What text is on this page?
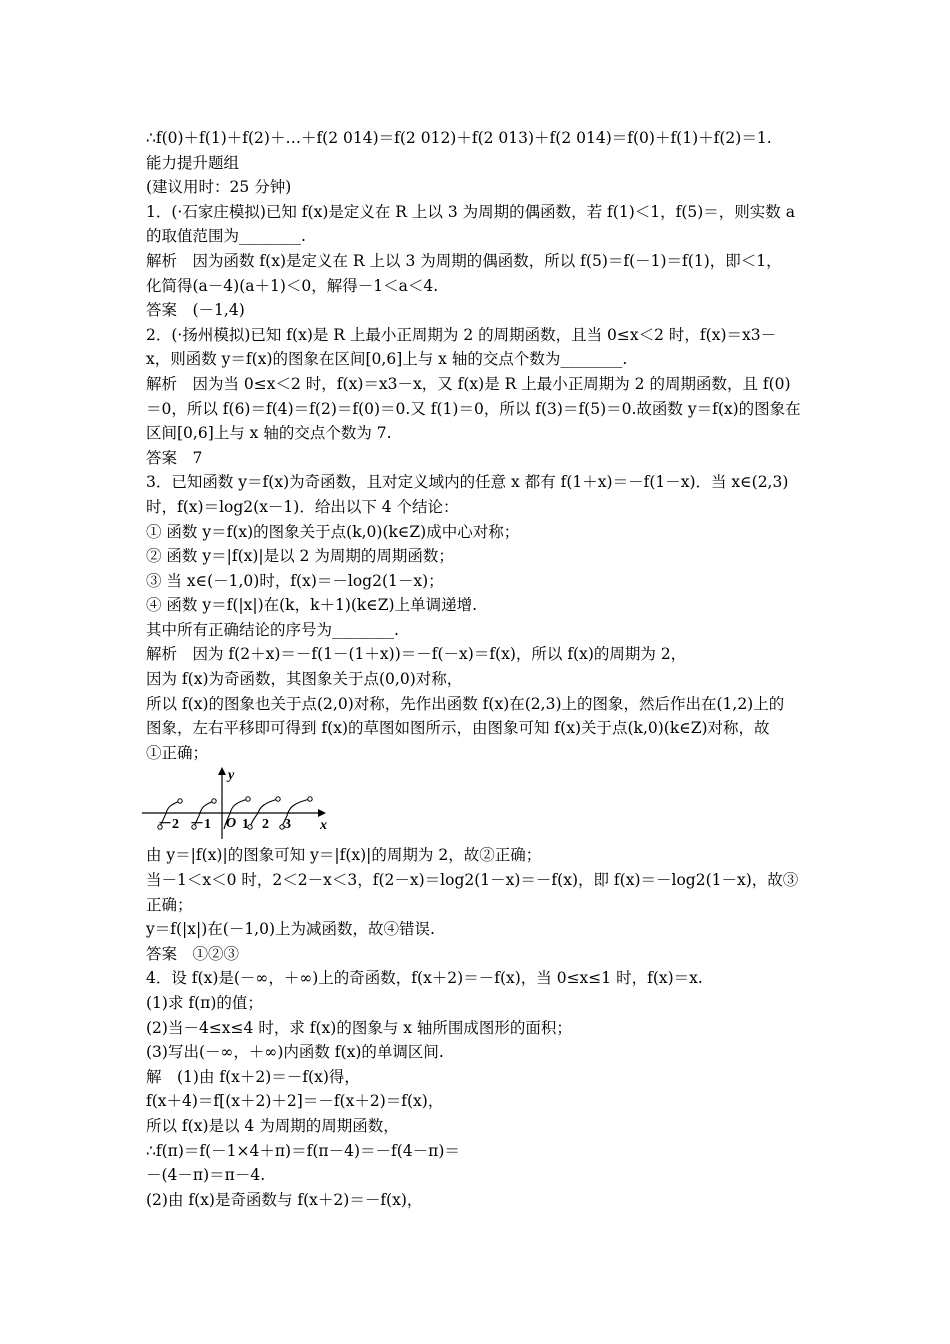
∴f(0)＋f(1)＋f(2)＋…＋f(2 014)＝f(2 012)＋f(2 013)＋f(2 014)＝f(0)＋f(1)＋f(2)＝1.
能力提升题组
(建议用时：25 分钟)
1．(·石家庄模拟)已知 f(x)是定义在 R 上以 3 为周期的偶函数，若 f(1)＜1，f(5)＝，则实数 a
的取值范围为________.
解析　因为函数 f(x)是定义在 R 上以 3 为周期的偶函数，所以 f(5)＝f(－1)＝f(1)，即＜1，
化简得(a－4)(a＋1)＜0，解得－1＜a＜4.
答案　(－1,4)
2．(·扬州模拟)已知 f(x)是 R 上最小正周期为 2 的周期函数，且当 0≤x＜2 时，f(x)＝x3－
x，则函数 y＝f(x)的图象在区间[0,6]上与 x 轴的交点个数为________.
解析　因为当 0≤x＜2 时，f(x)＝x3－x，又 f(x)是 R 上最小正周期为 2 的周期函数，且 f(0)
＝0，所以 f(6)＝f(4)＝f(2)＝f(0)＝0.又 f(1)＝0，所以 f(3)＝f(5)＝0.故函数 y＝f(x)的图象在
区间[0,6]上与 x 轴的交点个数为 7.
答案　7
3．已知函数 y＝f(x)为奇函数，且对定义域内的任意 x 都有 f(1＋x)＝－f(1－x)．当 x∈(2,3)
时，f(x)＝log2(x－1)．给出以下 4 个结论：
① 函数 y＝f(x)的图象关于点(k,0)(k∈Z)成中心对称；
② 函数 y＝|f(x)|是以 2 为周期的周期函数；
③ 当 x∈(－1,0)时，f(x)＝－log2(1－x)；
④ 函数 y＝f(|x|)在(k，k＋1)(k∈Z)上单调递增.
其中所有正确结论的序号为________.
解析　因为 f(2＋x)＝－f(1－(1＋x))＝－f(－x)＝f(x)，所以 f(x)的周期为 2，
因为 f(x)为奇函数，其图象关于点(0,0)对称，
所以 f(x)的图象也关于点(2,0)对称，先作出函数 f(x)在(2,3)上的图象，然后作出在(1,2)上的
图象，左右平移即可得到 f(x)的草图如图所示，由图象可知 f(x)关于点(k,0)(k∈Z)对称，故
①正确；
y
x
O
－2 －1 1 2 3
由 y＝|f(x)|的图象可知 y＝|f(x)|的周期为 2，故②正确；
当－1＜x＜0 时，2＜2－x＜3，f(2－x)＝log2(1－x)＝－f(x)，即 f(x)＝－log2(1－x)，故③
正确；
y＝f(|x|)在(－1,0)上为减函数，故④错误.
答案　①②③
4．设 f(x)是(－∞，＋∞)上的奇函数，f(x＋2)＝－f(x)，当 0≤x≤1 时，f(x)＝x.
(1)求 f(π)的值；
(2)当－4≤x≤4 时，求 f(x)的图象与 x 轴所围成图形的面积；
(3)写出(－∞，＋∞)内函数 f(x)的单调区间.
解　(1)由 f(x＋2)＝－f(x)得，
f(x＋4)＝f[(x＋2)＋2]＝－f(x＋2)＝f(x)，
所以 f(x)是以 4 为周期的周期函数，
∴f(π)＝f(－1×4＋π)＝f(π－4)＝－f(4－π)＝
－(4－π)＝π－4.
(2)由 f(x)是奇函数与 f(x＋2)＝－f(x)，
